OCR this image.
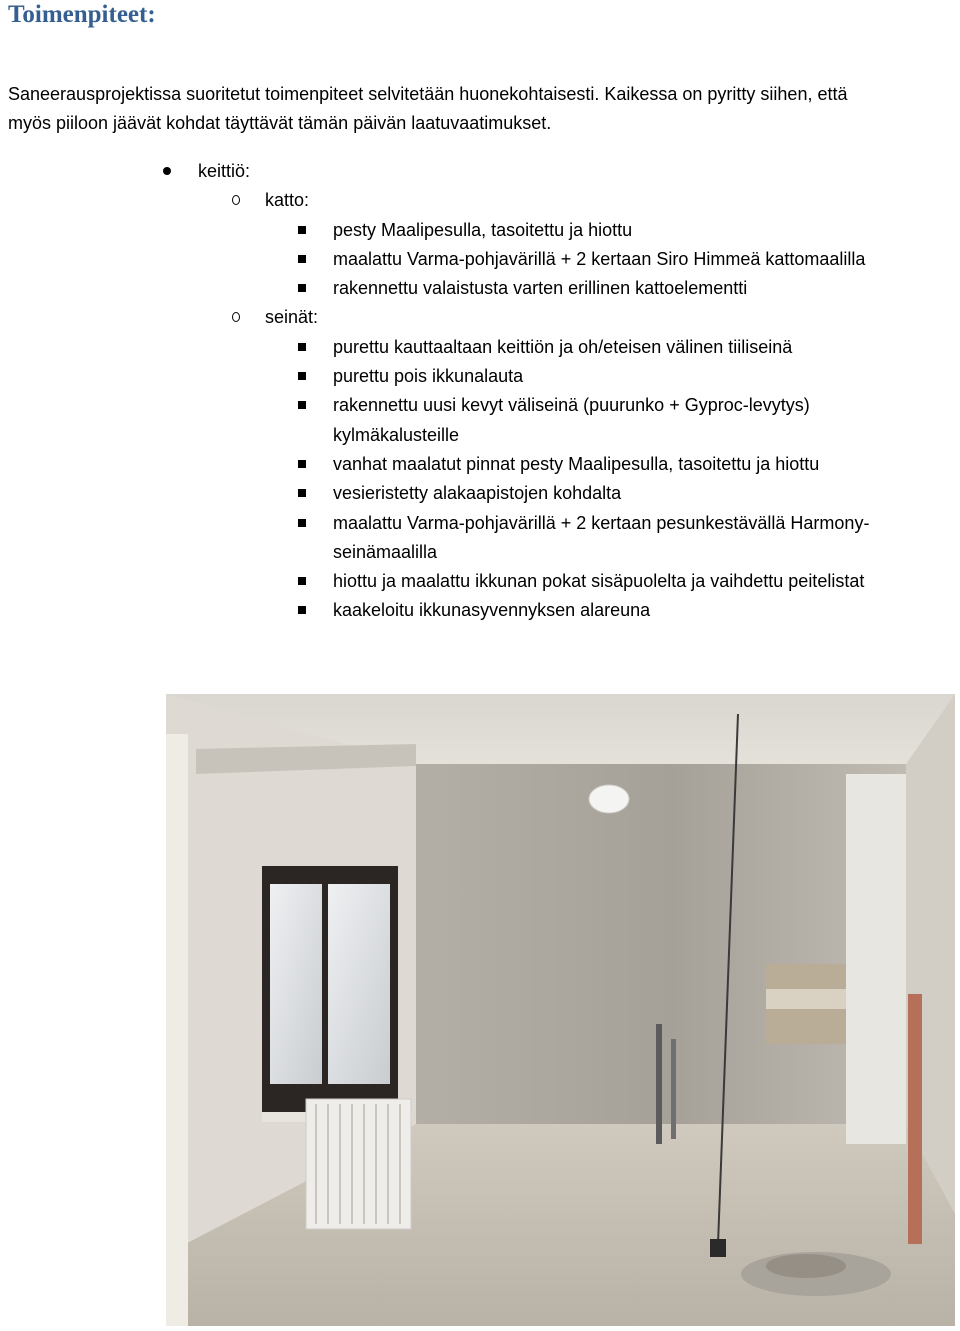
Toimenpiteet:
Saneerausprojektissa suoritetut toimenpiteet selvitetään huonekohtaisesti. Kaikessa on pyritty siihen, että
myös piiloon jäävät kohdat täyttävät tämän päivän laatuvaatimukset.
keittiö:
katto:
pesty Maalipesulla, tasoitettu ja hiottu
maalattu Varma-pohjavärillä + 2 kertaan Siro Himmeä kattomaalilla
rakennettu valaistusta varten erillinen kattoelementti
seinät:
purettu kauttaaltaan keittiön ja oh/eteisen välinen tiiliseinä
purettu pois ikkunalauta
rakennettu uusi kevyt väliseinä (puurunko + Gyproc-levytys)
kylmäkalusteille
vanhat maalatut pinnat pesty Maalipesulla, tasoitettu ja hiottu
vesieristetty alakaapistojen kohdalta
maalattu Varma-pohjavärillä + 2 kertaan pesunkestävällä Harmony-
seinämaalilla
hiottu ja maalattu ikkunan pokat sisäpuolelta ja vaihdettu peitelistat
kaakeloitu ikkunasyvennyksen alareuna
